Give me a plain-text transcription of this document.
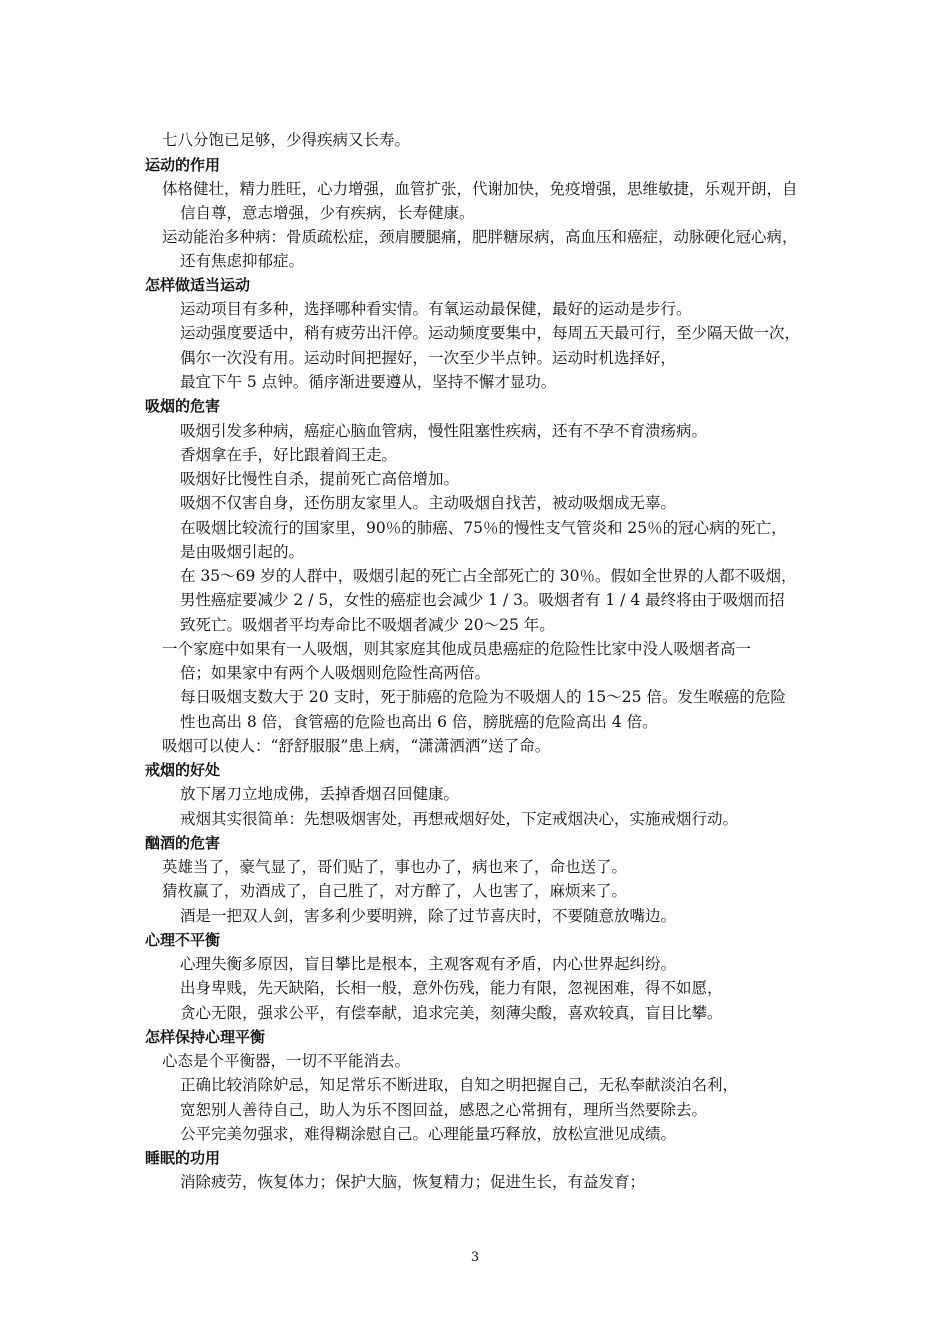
七八分饱已足够，少得疾病又长寿。
运动的作用
体格健壮，精力胜旺，心力增强，血管扩张，代谢加快，免疫增强，思维敏捷，乐观开朗，自
信自尊，意志增强，少有疾病，长寿健康。
运动能治多种病：骨质疏松症，颈肩腰腿痛，肥胖糖尿病，高血压和癌症，动脉硬化冠心病，
还有焦虑抑郁症。
怎样做适当运动
运动项目有多种，选择哪种看实情。有氧运动最保健，最好的运动是步行。
运动强度要适中，稍有疲劳出汗停。运动频度要集中，每周五天最可行，至少隔天做一次，
偶尔一次没有用。运动时间把握好，一次至少半点钟。运动时机选择好，
最宜下午 5 点钟。循序渐进要遵从，坚持不懈才显功。
吸烟的危害
吸烟引发多种病，癌症心脑血管病，慢性阻塞性疾病，还有不孕不育溃疡病。
香烟拿在手，好比跟着阎王走。
吸烟好比慢性自杀，提前死亡高倍增加。
吸烟不仅害自身，还伤朋友家里人。主动吸烟自找苦，被动吸烟成无辜。
在吸烟比较流行的国家里，90％的肺癌、75％的慢性支气管炎和 25％的冠心病的死亡，
是由吸烟引起的。
在 35～69 岁的人群中，吸烟引起的死亡占全部死亡的 30％。假如全世界的人都不吸烟，
男性癌症要减少 2 / 5，女性的癌症也会减少 1 / 3。吸烟者有 1 / 4 最终将由于吸烟而招
致死亡。吸烟者平均寿命比不吸烟者减少 20～25 年。
一个家庭中如果有一人吸烟，则其家庭其他成员患癌症的危险性比家中没人吸烟者高一
倍；如果家中有两个人吸烟则危险性高两倍。
每日吸烟支数大于 20 支时，死于肺癌的危险为不吸烟人的 15～25 倍。发生喉癌的危险
性也高出 8 倍，食管癌的危险也高出 6 倍，膀胱癌的危险高出 4 倍。
吸烟可以使人：“舒舒服服”患上病，“潇潇洒洒”送了命。
戒烟的好处
放下屠刀立地成佛，丢掉香烟召回健康。
戒烟其实很简单：先想吸烟害处，再想戒烟好处，下定戒烟决心，实施戒烟行动。
酗酒的危害
英雄当了，豪气显了，哥们贴了，事也办了，病也来了，命也送了。
猜枚赢了，劝酒成了，自己胜了，对方醉了，人也害了，麻烦来了。
酒是一把双人剑，害多利少要明辨，除了过节喜庆时，不要随意放嘴边。
心理不平衡
心理失衡多原因，盲目攀比是根本，主观客观有矛盾，内心世界起纠纷。
出身卑贱，先天缺陷，长相一般，意外伤残，能力有限，忽视困难，得不如愿，
贪心无限，强求公平，有偿奉献，追求完美，刻薄尖酸，喜欢较真，盲目比攀。
怎样保持心理平衡
心态是个平衡器，一切不平能消去。
正确比较消除妒忌，知足常乐不断进取，自知之明把握自己，无私奉献淡泊名利，
宽恕别人善待自己，助人为乐不图回益，感恩之心常拥有，理所当然要除去。
公平完美勿强求，难得糊涂慰自己。心理能量巧释放，放松宣泄见成绩。
睡眠的功用
消除疲劳，恢复体力；保护大脑，恢复精力；促进生长，有益发育；
3
